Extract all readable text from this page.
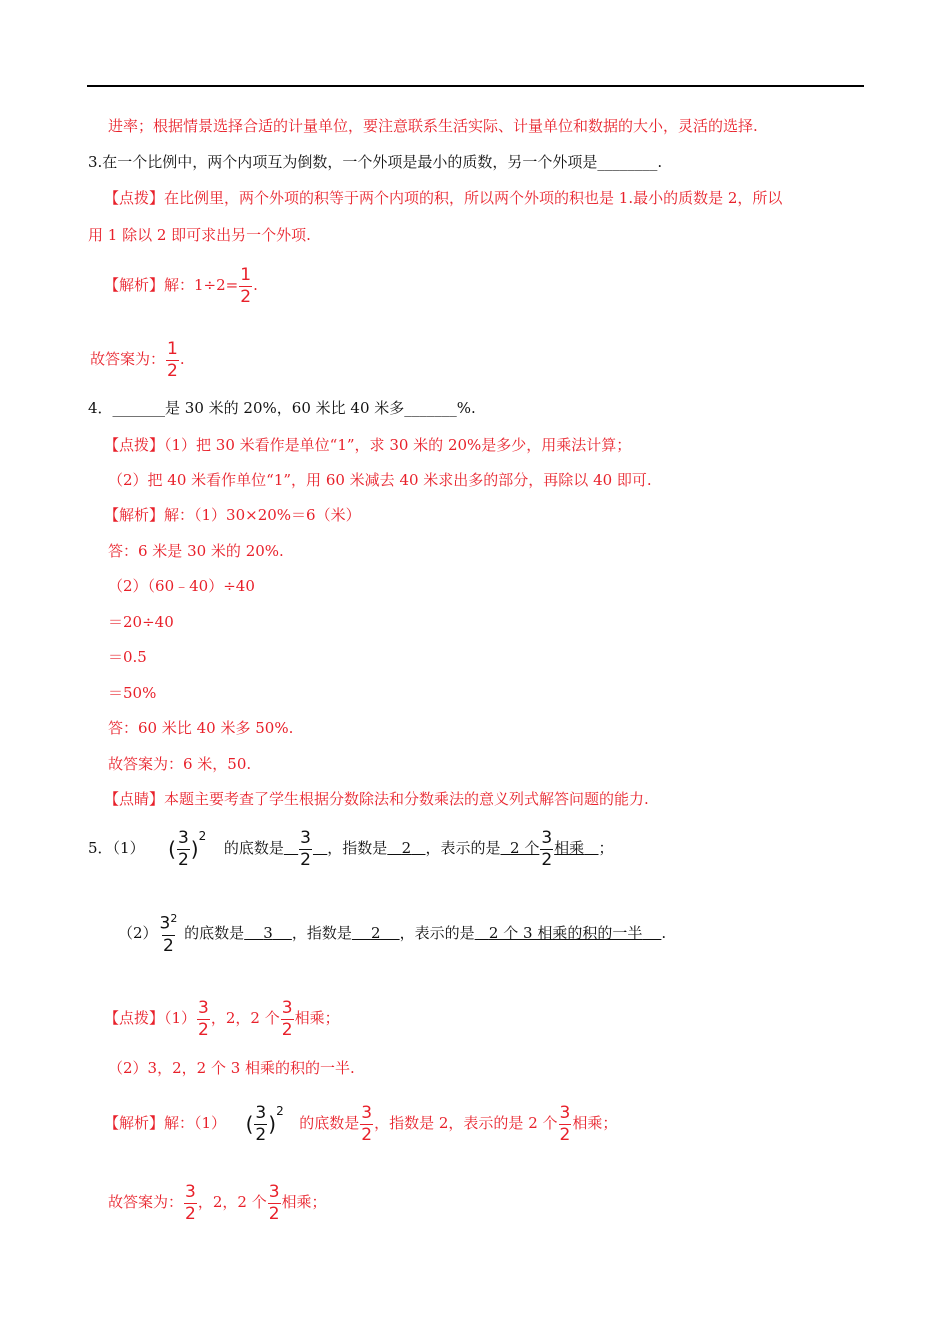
进率；根据情景选择合适的计量单位，要注意联系生活实际、计量单位和数据的大小，灵活的选择.
3.在一个比例中，两个内项互为倒数，一个外项是最小的质数，另一个外项是________.
【点拨】在比例里，两个外项的积等于两个内项的积，所以两个外项的积也是 1.最小的质数是 2，所以
用 1 除以 2 即可求出另一个外项.
【解析】解：$1\div 2= \frac{1}{2}$ .
故答案为： $\frac{1}{2}$ .
4．_______是 30 米的 20%，60 米比 40 米多_______%.
【点拨】（1）把 30 米看作是单位“1”，求 30 米的 20%是多少，用乘法计算；
（2）把 40 米看作单位“1”，用 60 米减去 40 米求出多的部分，再除以 40 即可.
【解析】解：（1）30×20%＝6（米）
答：6 米是 30 米的 20%.
（2）（60﹣40）÷40
＝20÷40
＝0.5
＝50%
答：60 米比 40 米多 50%.
故答案为：6 米，50.
【点睛】本题主要考查了学生根据分数除法和分数乘法的意义列式解答问题的能力.
5．（1） ( $\frac{3}{2} )^2$  的底数是 $\frac{3}{2}$ ，指数是 2 ，表示的是 2 个 $\frac{3}{2}$ 相乘 ；
$(2) \frac{3^2}{2}$ 的底数是 3 ，指数是 2 ，表示的是 2 个 3 相乘的积的一半 .
【点拨】$(1) \frac{3}{2}$ ，2，2 个 $\frac{3}{2}$ 相乘；
（2）3，2，2 个 3 相乘的积的一半.
【解析】解：（1） ( $\frac{3}{2} )^2$  的底数是 $\frac{3}{2}$ ，指数是 2，表示的是 2 个 $\frac{3}{2}$ 相乘；
故答案为： $\frac{3}{2}$ ，2，2 个 $\frac{3}{2}$ 相乘；
